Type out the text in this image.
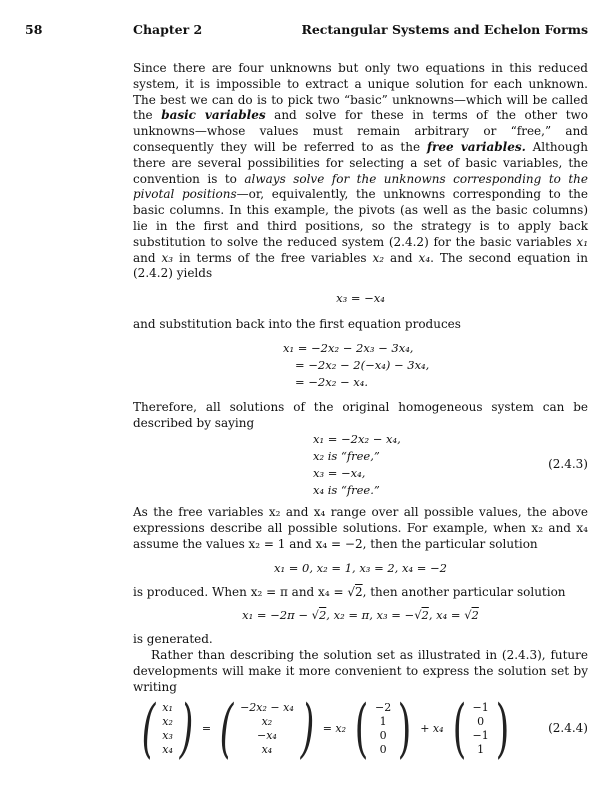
58	Chapter 2	Rectangular Systems and Echelon Forms

Since there are four unknowns but only two equations in this reduced system, it is impossible to extract a unique solution for each unknown. The best we can do is to pick two “basic” unknowns—which will be called the basic variables and solve for these in terms of the other two unknowns—whose values must remain arbitrary or “free,” and consequently they will be referred to as the free variables. Although there are several possibilities for selecting a set of basic variables, the convention is to always solve for the unknowns corresponding to the pivotal positions—or, equivalently, the unknowns corresponding to the basic columns. In this example, the pivots (as well as the basic columns) lie in the first and third positions, so the strategy is to apply back substitution to solve the reduced system (2.4.2) for the basic variables x₁ and x₃ in terms of the free variables x₂ and x₄. The second equation in (2.4.2) yields

x₃ = −x₄

and substitution back into the first equation produces

x₁ = −2x₂ − 2x₃ − 3x₄,
= −2x₂ − 2(−x₄) − 3x₄,
= −2x₂ − x₄.

Therefore, all solutions of the original homogeneous system can be described by saying

x₁ = −2x₂ − x₄,
x₂ is “free,”
x₃ = −x₄,
x₄ is “free.”
(2.4.3)

As the free variables x₂ and x₄ range over all possible values, the above expressions describe all possible solutions. For example, when x₂ and x₄ assume the values x₂ = 1 and x₄ = −2, then the particular solution

x₁ = 0, x₂ = 1, x₃ = 2, x₄ = −2

is produced. When x₂ = π and x₄ = √2, then another particular solution

x₁ = −2π − √2, x₂ = π, x₃ = −√2, x₄ = √2

is generated.

Rather than describing the solution set as illustrated in (2.4.3), future developments will make it more convenient to express the solution set by writing

( x₁
x₂
x₃
x₄ ) = ( −2x₂ − x₄
x₂
−x₄
x₄ ) = x₂ ( −2
1
0
0 ) + x₄ ( −1
0
−1
1 )	(2.4.4)
